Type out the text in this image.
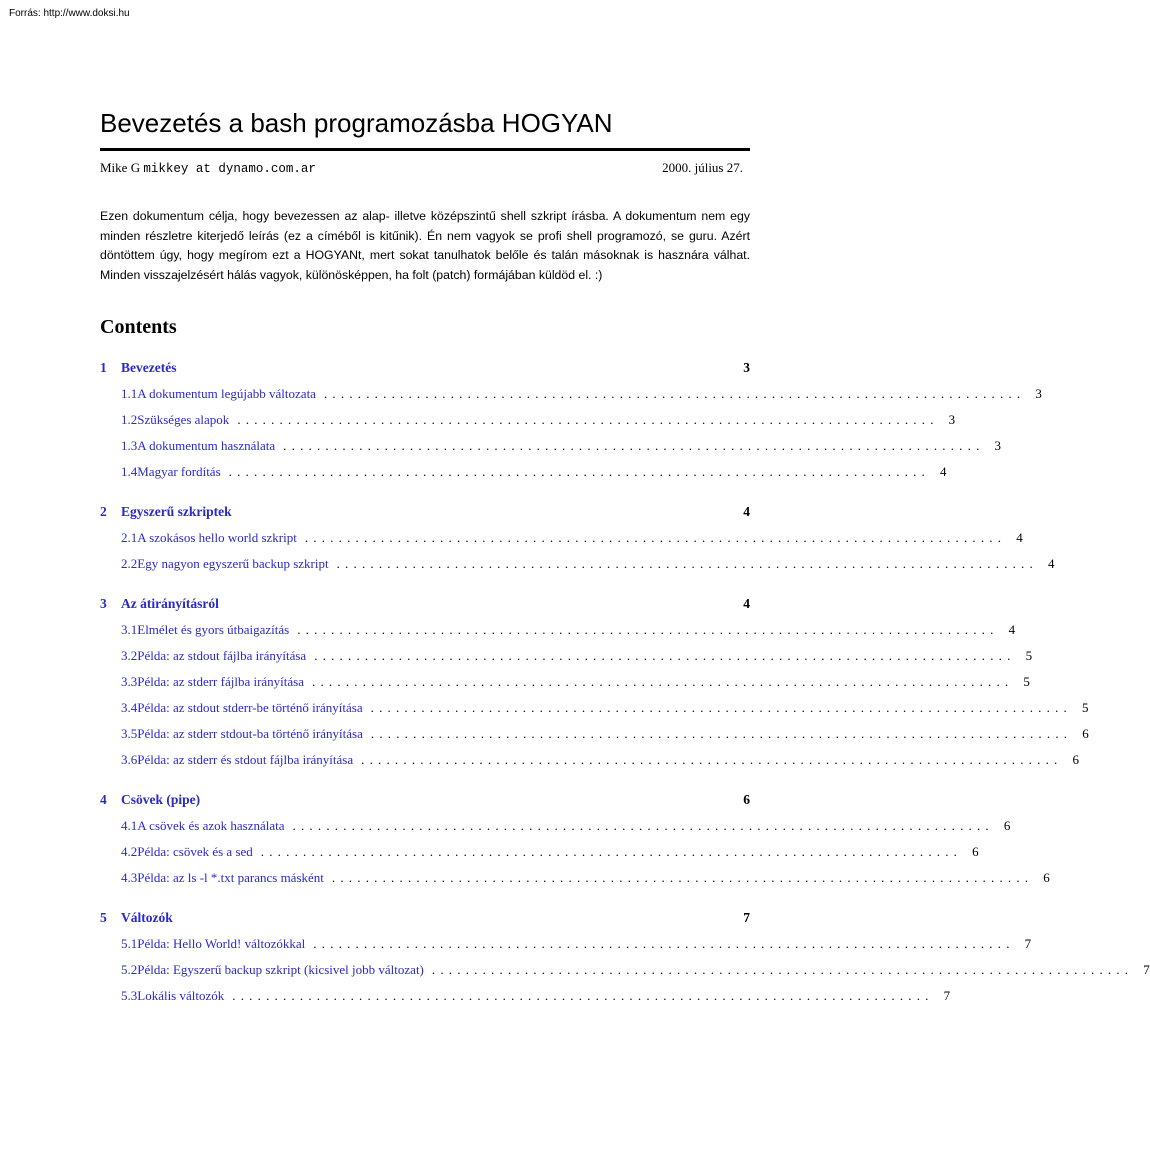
Forrás: http://www.doksi.hu
Bevezetés a bash programozásba HOGYAN
Mike G mikkey at dynamo.com.ar	2000. július 27.

Ezen dokumentum célja, hogy bevezessen az alap- illetve középszintű shell szkript írásba. A dokumentum nem egy minden részletre kiterjedő leírás (ez a címéből is kitűnik). Én nem vagyok se profi shell programozó, se guru. Azért döntöttem úgy, hogy megírom ezt a HOGYANt, mert sokat tanulhatok belőle és talán másoknak is hasznára válhat. Minden visszajelzésért hálás vagyok, különösképpen, ha folt (patch) formájában küldöd el. :)

Contents
1	Bevezetés	3
1.1 A dokumentum legújabb változata ................................................................................... 3
1.2 Szükséges alapok ................................................................................... 3
1.3 A dokumentum használata ................................................................................... 3
1.4 Magyar fordítás ................................................................................... 4
2	Egyszerű szkriptek	4
2.1 A szokásos hello world szkript ................................................................................... 4
2.2 Egy nagyon egyszerű backup szkript ................................................................................... 4
3	Az átirányításról	4
3.1 Elmélet és gyors útbaigazítás ................................................................................... 4
3.2 Példa: az stdout fájlba irányítása ................................................................................... 5
3.3 Példa: az stderr fájlba irányítása ................................................................................... 5
3.4 Példa: az stdout stderr-be történő irányítása ................................................................................... 5
3.5 Példa: az stderr stdout-ba történő irányítása ................................................................................... 6
3.6 Példa: az stderr és stdout fájlba irányítása ................................................................................... 6
4	Csövek (pipe)	6
4.1 A csövek és azok használata ................................................................................... 6
4.2 Példa: csövek és a sed ................................................................................... 6
4.3 Példa: az ls -l *.txt parancs másként ................................................................................... 6
5	Változók	7
5.1 Példa: Hello World! változókkal ................................................................................... 7
5.2 Példa: Egyszerű backup szkript (kicsivel jobb változat) ................................................................................... 7
5.3 Lokális változók ................................................................................... 7
